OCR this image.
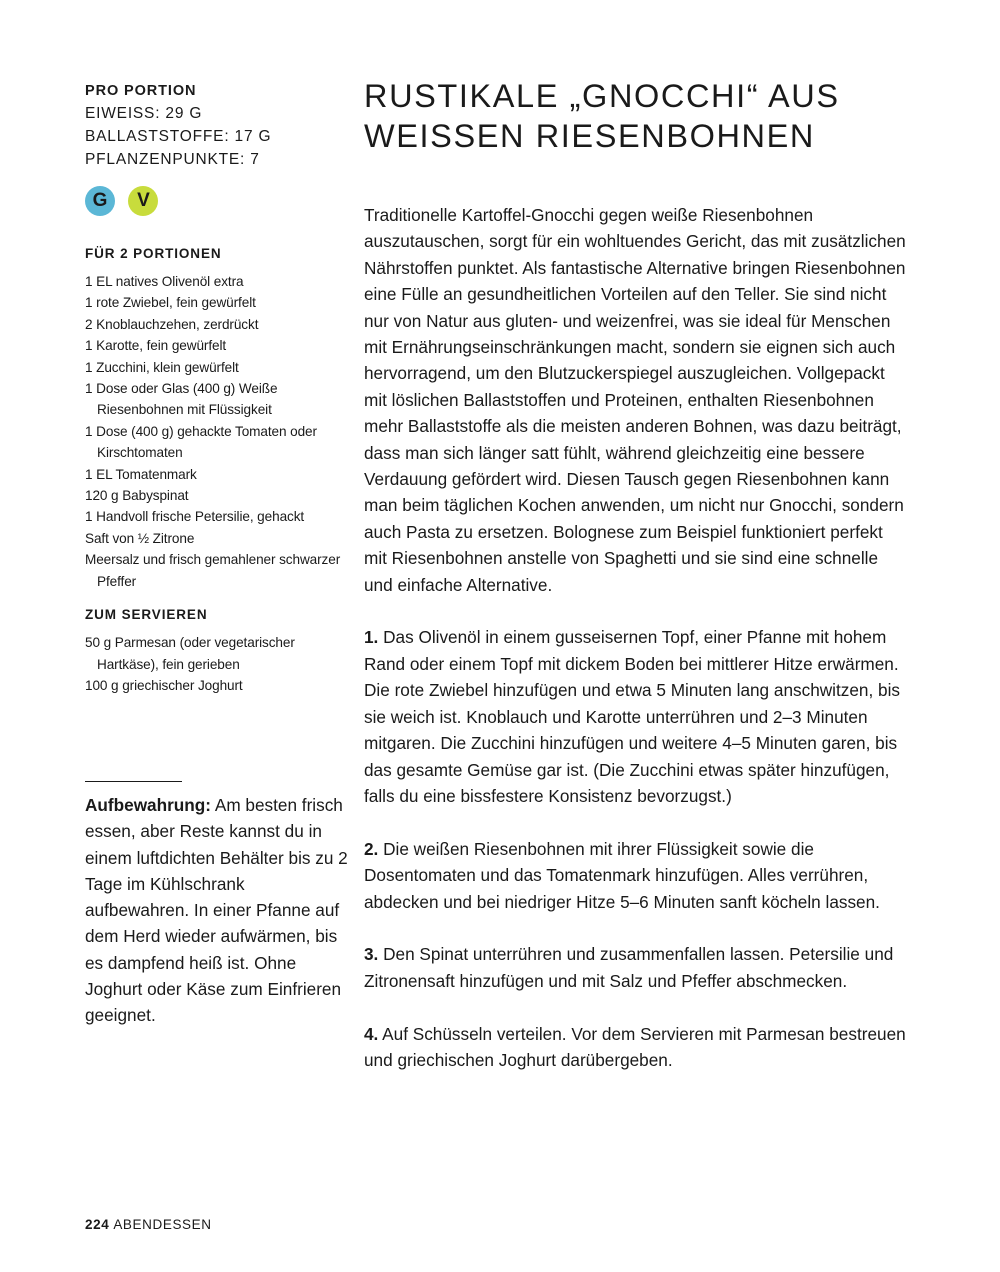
PRO PORTION

EIWEISS: 29 G

BALLASTSTOFFE: 17 G

PFLANZENPUNKTE: 7

G V

FÜR 2 PORTIONEN

1 EL natives Olivenöl extra
1 rote Zwiebel, fein gewürfelt
2 Knoblauchzehen, zerdrückt
1 Karotte, fein gewürfelt
1 Zucchini, klein gewürfelt
1 Dose oder Glas (400 g) Weiße Riesenbohnen mit Flüssigkeit
1 Dose (400 g) gehackte Tomaten oder Kirschtomaten
1 EL Tomatenmark
120 g Babyspinat
1 Handvoll frische Petersilie, gehackt
Saft von ½ Zitrone
Meersalz und frisch gemahlener schwarzer Pfeffer

ZUM SERVIEREN

50 g Parmesan (oder vegetarischer Hartkäse), fein gerieben
100 g griechischer Joghurt

Aufbewahrung: Am besten frisch essen, aber Reste kannst du in einem luftdichten Behälter bis zu 2 Tage im Kühlschrank aufbewahren. In einer Pfanne auf dem Herd wieder aufwärmen, bis es dampfend heiß ist. Ohne Joghurt oder Käse zum Einfrieren geeignet.

RUSTIKALE „GNOCCHI“ AUS
WEISSEN RIESENBOHNEN

Traditionelle Kartoffel-Gnocchi gegen weiße Riesenbohnen auszutauschen, sorgt für ein wohltuendes Gericht, das mit zusätzlichen Nährstoffen punktet. Als fantastische Alternative bringen Riesenbohnen eine Fülle an gesundheitlichen Vorteilen auf den Teller. Sie sind nicht nur von Natur aus gluten- und weizenfrei, was sie ideal für Menschen mit Ernährungseinschränkungen macht, sondern sie eignen sich auch hervorragend, um den Blutzuckerspiegel auszugleichen. Vollgepackt mit löslichen Ballaststoffen und Proteinen, enthalten Riesenbohnen mehr Ballaststoffe als die meisten anderen Bohnen, was dazu beiträgt, dass man sich länger satt fühlt, während gleichzeitig eine bessere Verdauung gefördert wird. Diesen Tausch gegen Riesenbohnen kann man beim täglichen Kochen anwenden, um nicht nur Gnocchi, sondern auch Pasta zu ersetzen. Bolognese zum Beispiel funktioniert perfekt mit Riesenbohnen anstelle von Spaghetti und sie sind eine schnelle und einfache Alternative.

1. Das Olivenöl in einem gusseisernen Topf, einer Pfanne mit hohem Rand oder einem Topf mit dickem Boden bei mittlerer Hitze erwärmen. Die rote Zwiebel hinzufügen und etwa 5 Minuten lang anschwitzen, bis sie weich ist. Knoblauch und Karotte unterrühren und 2–3 Minuten mitgaren. Die Zucchini hinzufügen und weitere 4–5 Minuten garen, bis das gesamte Gemüse gar ist. (Die Zucchini etwas später hinzufügen, falls du eine bissfestere Konsistenz bevorzugst.)

2. Die weißen Riesenbohnen mit ihrer Flüssigkeit sowie die Dosentomaten und das Tomatenmark hinzufügen. Alles verrühren, abdecken und bei niedriger Hitze 5–6 Minuten sanft köcheln lassen.

3. Den Spinat unterrühren und zusammenfallen lassen. Petersilie und Zitronensaft hinzufügen und mit Salz und Pfeffer abschmecken.

4. Auf Schüsseln verteilen. Vor dem Servieren mit Parmesan bestreuen und griechischen Joghurt darübergeben.

224 ABENDESSEN
